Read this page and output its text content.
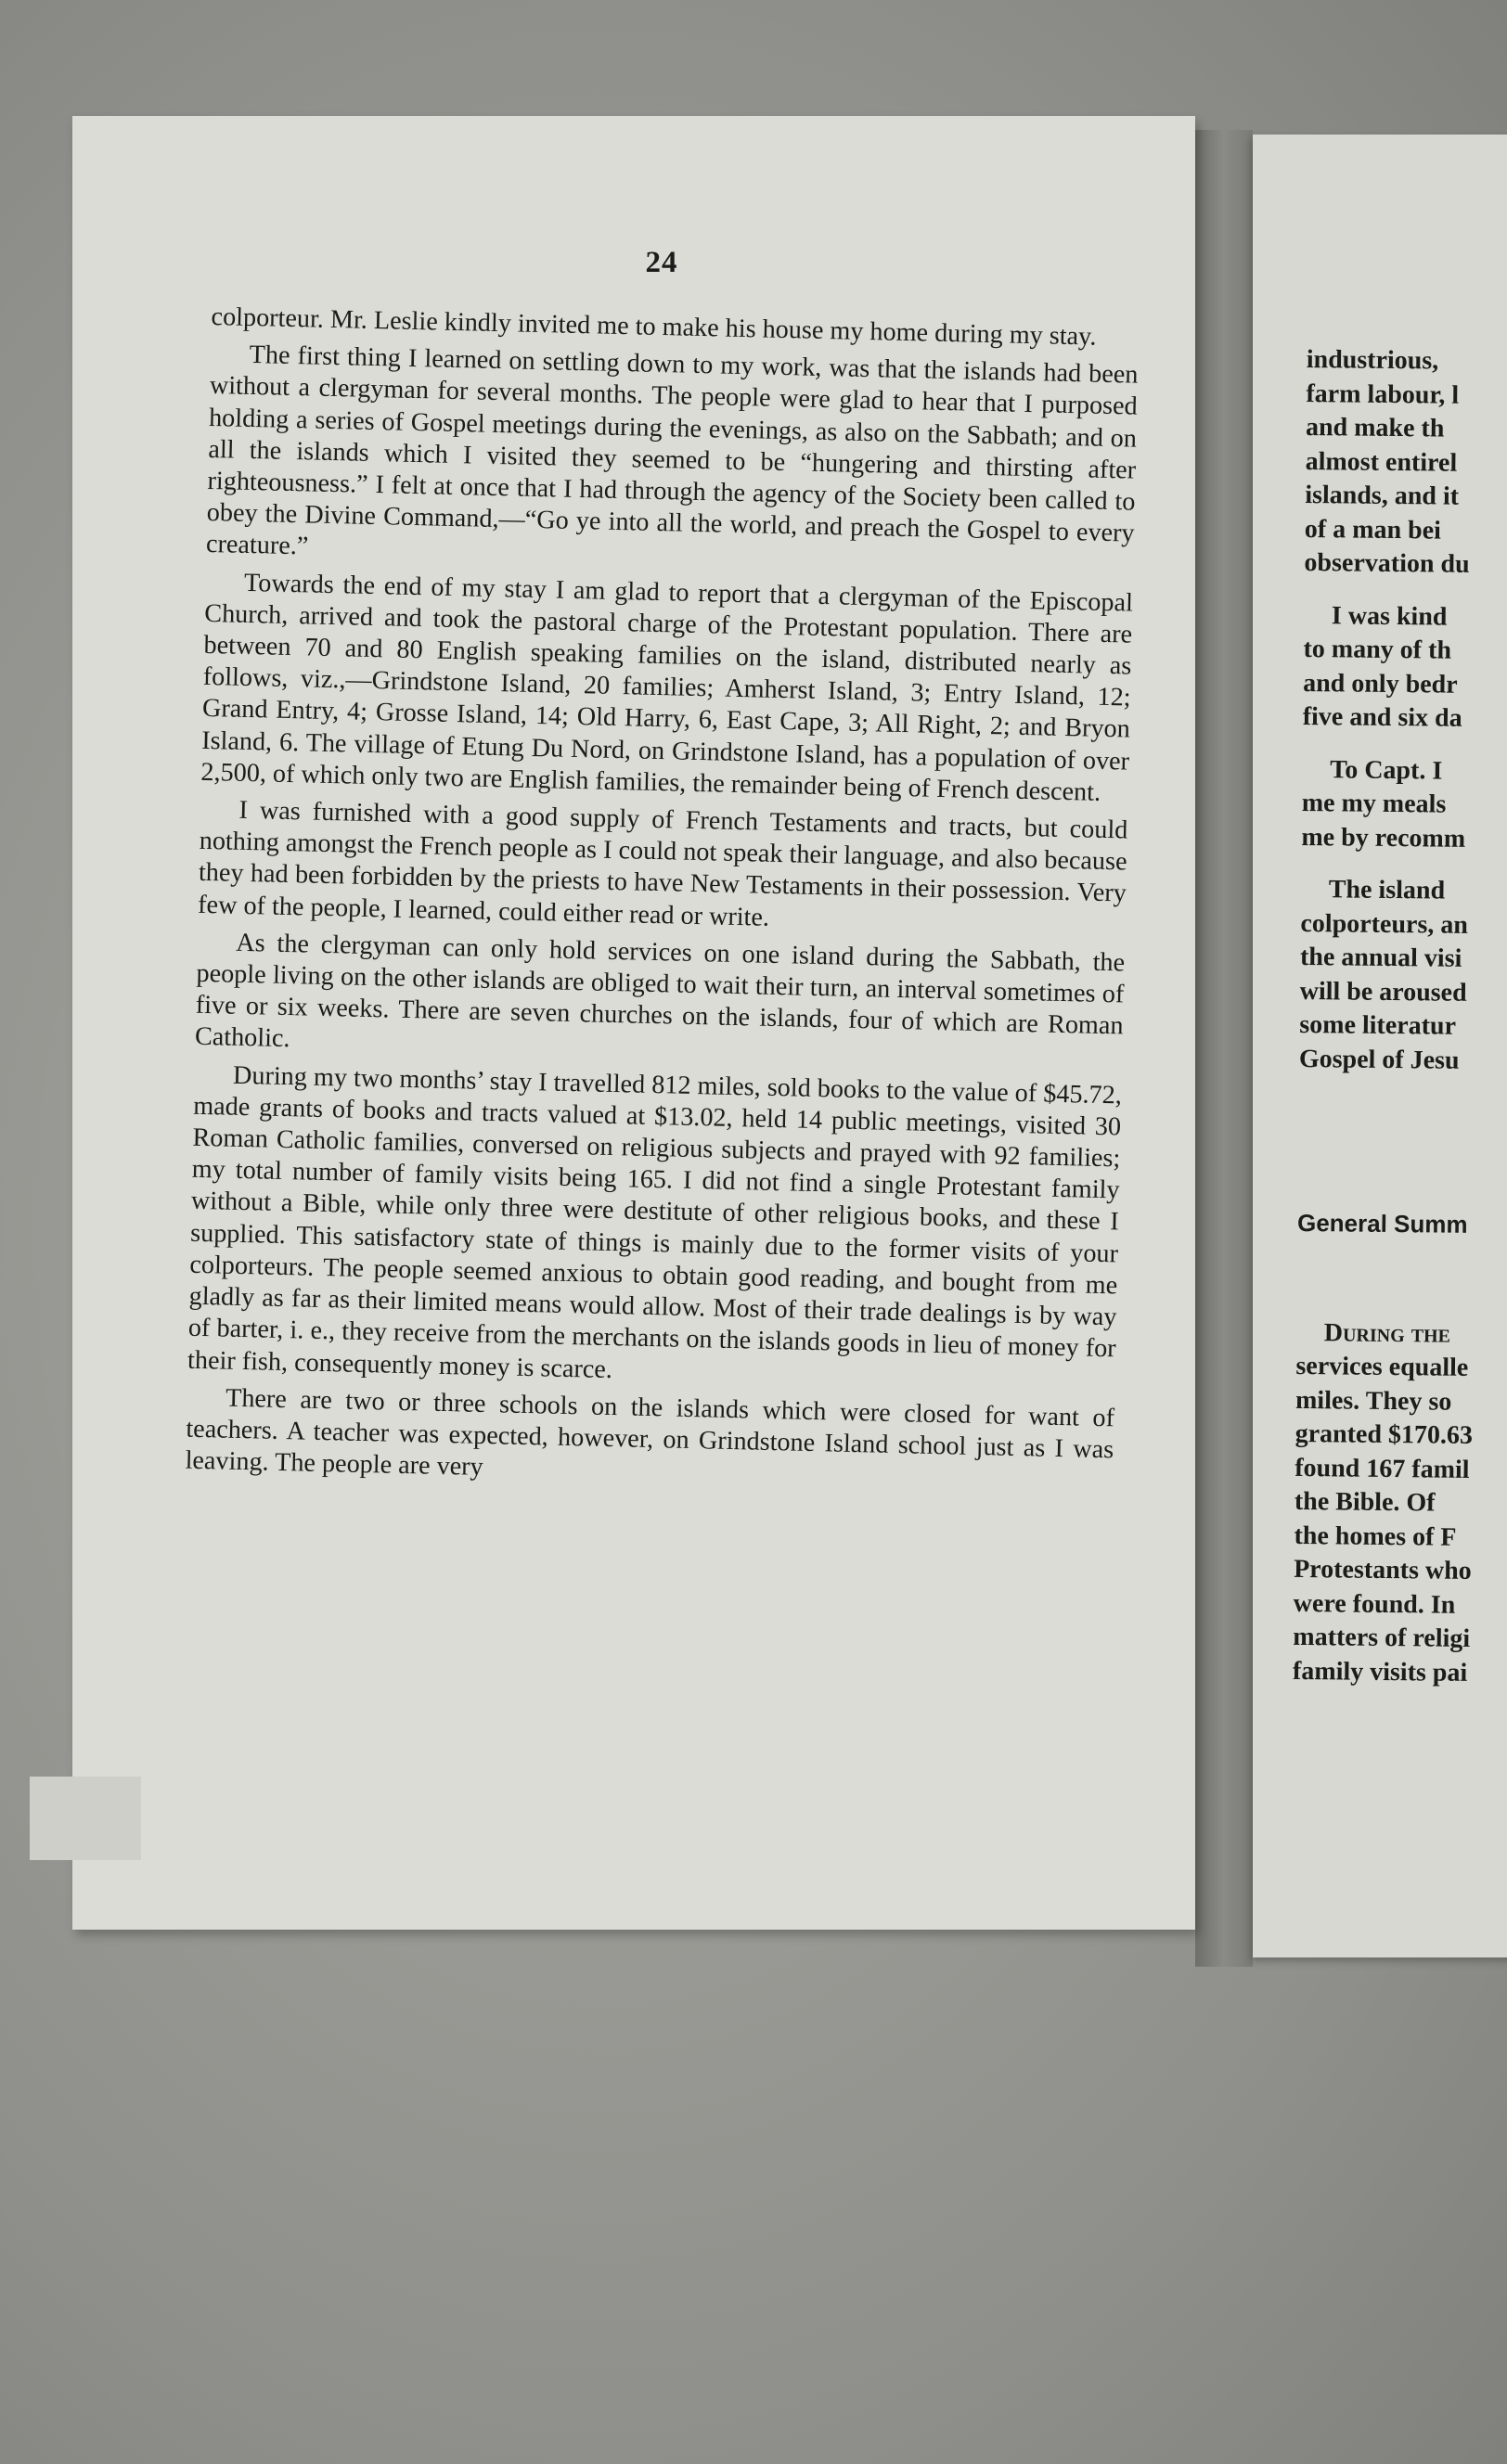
24

colporteur. Mr. Leslie kindly invited me to make his house my home during my stay.

The first thing I learned on settling down to my work, was that the islands had been without a clergyman for several months. The people were glad to hear that I purposed holding a series of Gospel meetings during the evenings, as also on the Sabbath; and on all the islands which I visited they seemed to be “hungering and thirsting after righteousness.” I felt at once that I had through the agency of the Society been called to obey the Divine Command,—“Go ye into all the world, and preach the Gospel to every creature.”

Towards the end of my stay I am glad to report that a clergyman of the Episcopal Church, arrived and took the pastoral charge of the Protestant population. There are between 70 and 80 English speaking families on the island, distributed nearly as follows, viz.,—Grindstone Island, 20 families; Amherst Island, 3; Entry Island, 12; Grand Entry, 4; Grosse Island, 14; Old Harry, 6, East Cape, 3; All Right, 2; and Bryon Island, 6. The village of Etung Du Nord, on Grindstone Island, has a population of over 2,500, of which only two are English families, the remainder being of French descent.

I was furnished with a good supply of French Testaments and tracts, but could nothing amongst the French people as I could not speak their language, and also because they had been forbidden by the priests to have New Testaments in their possession. Very few of the people, I learned, could either read or write.

As the clergyman can only hold services on one island during the Sabbath, the people living on the other islands are obliged to wait their turn, an interval sometimes of five or six weeks. There are seven churches on the islands, four of which are Roman Catholic.

During my two months’ stay I travelled 812 miles, sold books to the value of $45.72, made grants of books and tracts valued at $13.02, held 14 public meetings, visited 30 Roman Catholic families, conversed on religious subjects and prayed with 92 families; my total number of family visits being 165. I did not find a single Protestant family without a Bible, while only three were destitute of other religious books, and these I supplied. This satisfactory state of things is mainly due to the former visits of your colporteurs. The people seemed anxious to obtain good reading, and bought from me gladly as far as their limited means would allow. Most of their trade dealings is by way of barter, i. e., they receive from the merchants on the islands goods in lieu of money for their fish, consequently money is scarce.

There are two or three schools on the islands which were closed for want of teachers. A teacher was expected, however, on Grindstone Island school just as I was leaving. The people are very

industrious,
farm labour, l
and make th
almost entirel
islands, and it
of a man bei
observation du
I was kind
to many of th
and only bedr
five and six da
To Capt. I
me my meals
me by recomm
The island
colporteurs, an
the annual visi
will be aroused
some literatur
Gospel of Jesu
General Summ
During the
services equalle
miles. They so
granted $170.63
found 167 famil
the Bible. Of
the homes of F
Protestants who
were found. In
matters of religi
family visits pai
